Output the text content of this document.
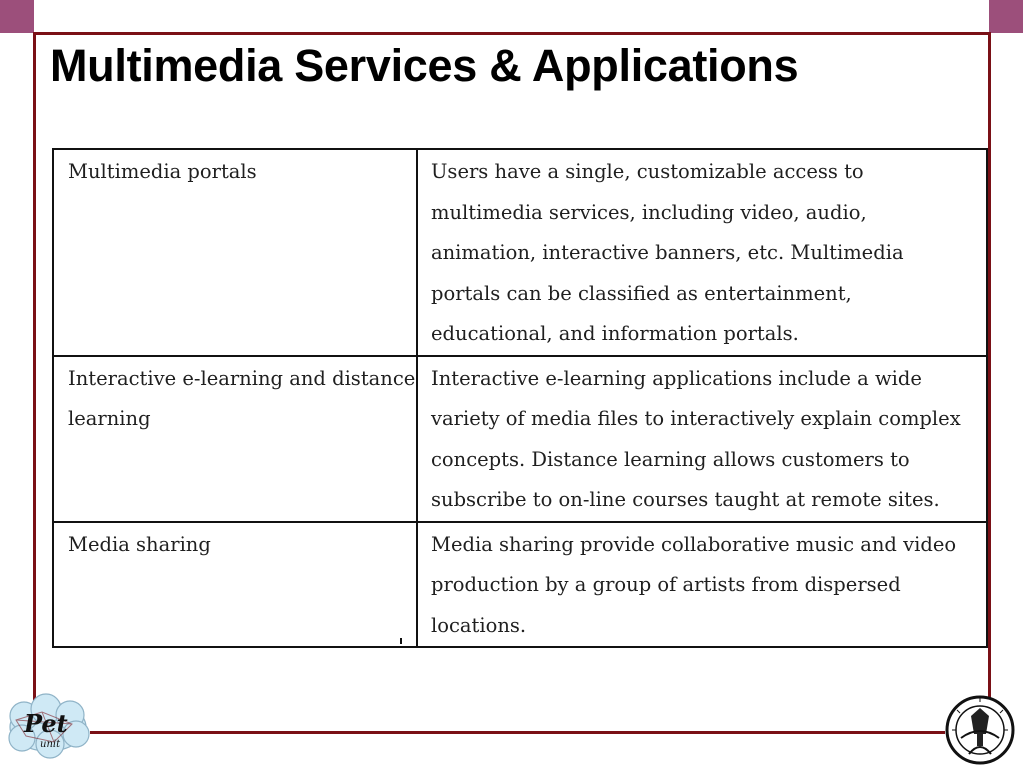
Multimedia Services & Applications
Multimedia portals	Users have a single, customizable access to multimedia services, including video, audio, animation, interactive banners, etc. Multimedia portals can be classified as entertainment, educational, and information portals.
Interactive e-learning and distance learning	Interactive e-learning applications include a wide variety of media files to interactively explain complex concepts. Distance learning allows customers to subscribe to on-line courses taught at remote sites.
Media sharing	Media sharing provide collaborative music and video production by a group of artists from dispersed locations.
Pet
unit
